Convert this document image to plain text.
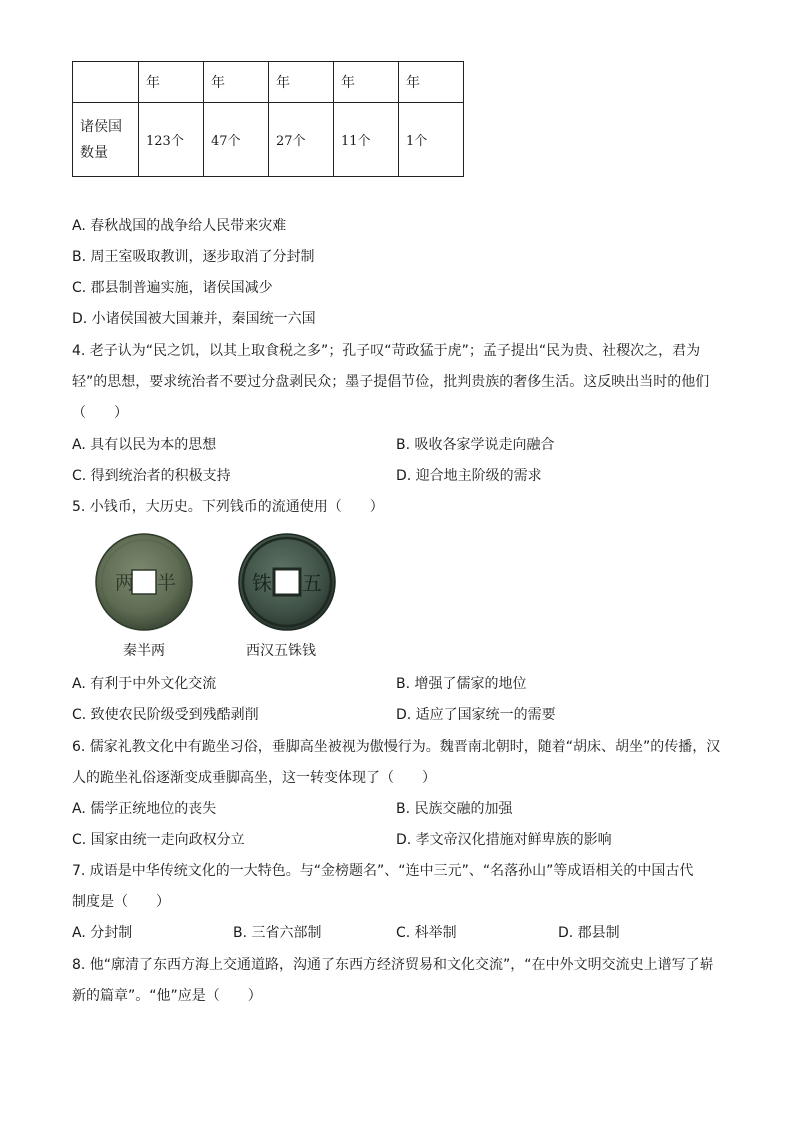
	年	年	年	年	年
诸侯国
数量	123个	47个	27个	11个	1个
A. 春秋战国的战争给人民带来灾难
B. 周王室吸取教训，逐步取消了分封制
C. 郡县制普遍实施，诸侯国减少
D. 小诸侯国被大国兼并，秦国统一六国
4. 老子认为“民之饥，以其上取食税之多”；孔子叹“苛政猛于虎”；孟子提出“民为贵、社稷次之，君为
轻”的思想，要求统治者不要过分盘剥民众；墨子提倡节俭，批判贵族的奢侈生活。这反映出当时的他们
（　　）
A. 具有以民为本的思想	B. 吸收各家学说走向融合
C. 得到统治者的积极支持	D. 迎合地主阶级的需求
5. 小钱币，大历史。下列钱币的流通使用（　　）
两 半
秦半两
铢 五
西汉五铢钱
A. 有利于中外文化交流	B. 增强了儒家的地位
C. 致使农民阶级受到残酷剥削	D. 适应了国家统一的需要
6. 儒家礼教文化中有跪坐习俗，垂脚高坐被视为傲慢行为。魏晋南北朝时，随着“胡床、胡坐”的传播，汉
人的跪坐礼俗逐渐变成垂脚高坐，这一转变体现了（　　）
A. 儒学正统地位的丧失	B. 民族交融的加强
C. 国家由统一走向政权分立	D. 孝文帝汉化措施对鲜卑族的影响
7. 成语是中华传统文化的一大特色。与“金榜题名”、“连中三元”、“名落孙山”等成语相关的中国古代
制度是（　　）
A. 分封制	B. 三省六部制	C. 科举制	D. 郡县制
8. 他“廓清了东西方海上交通道路，沟通了东西方经济贸易和文化交流”，“在中外文明交流史上谱写了崭
新的篇章”。“他”应是（　　）
